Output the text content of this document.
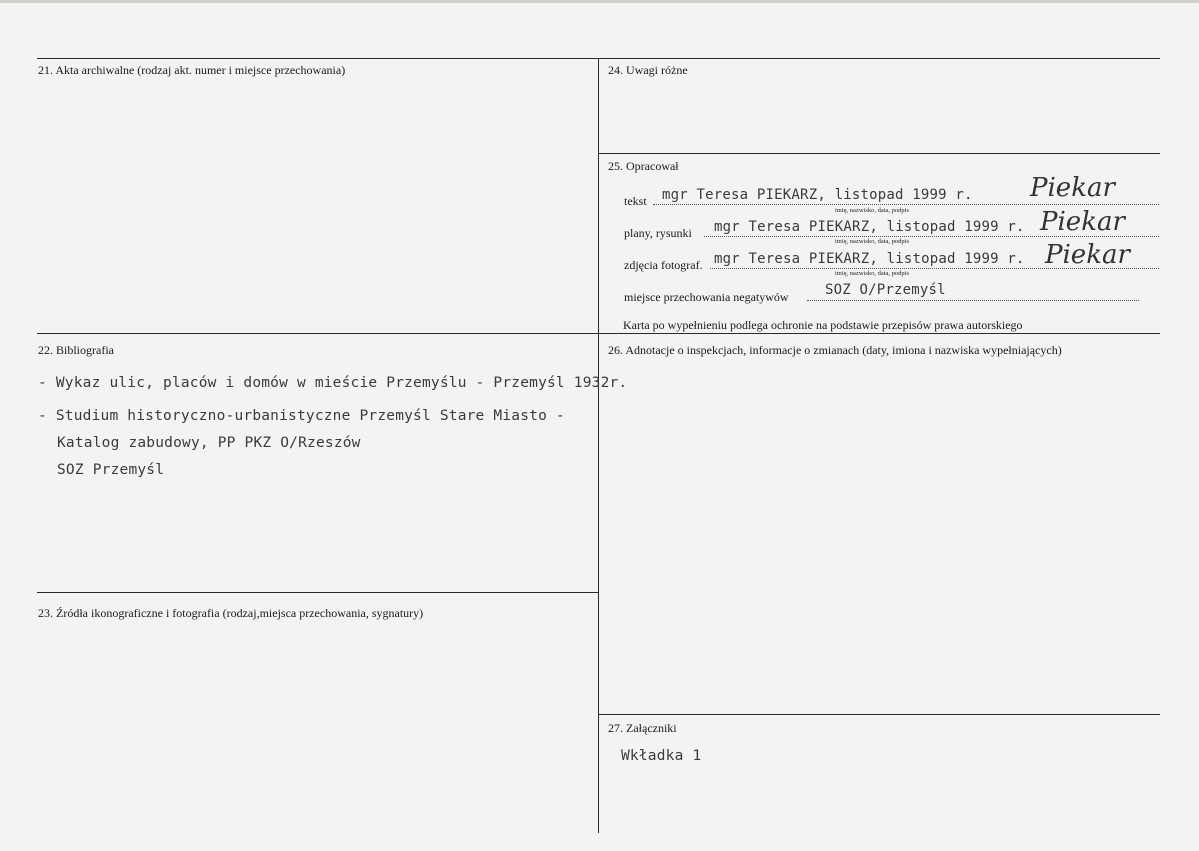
21. Akta archiwalne (rodzaj akt. numer i miejsce przechowania)
22. Bibliografia
- Wykaz ulic, placów i domów w mieście Przemyślu - Przemyśl 1932r.
- Studium historyczno-urbanistyczne Przemyśl Stare Miasto -
Katalog zabudowy, PP PKZ O/Rzeszów
SOZ Przemyśl
23. Źródła ikonograficzne i fotografia (rodzaj,miejsca przechowania, sygnatury)
24. Uwagi różne
25. Opracował
tekst mgr Teresa PIEKARZ, listopad 1999 r.
imię, nazwisko, data, podpis
Piekar
plany, rysunki mgr Teresa PIEKARZ, listopad 1999 r.
imię, nazwisko, data, podpis
Piekar
zdjęcia fotograf. mgr Teresa PIEKARZ, listopad 1999 r.
imię, nazwisko, data, podpis
Piekar
miejsce przechowania negatywów	SOZ O/Przemyśl
Karta po wypełnieniu podlega ochronie na podstawie przepisów prawa autorskiego
26. Adnotacje o inspekcjach, informacje o zmianach (daty, imiona i nazwiska wypełniających)
27. Załączniki
Wkładka 1
